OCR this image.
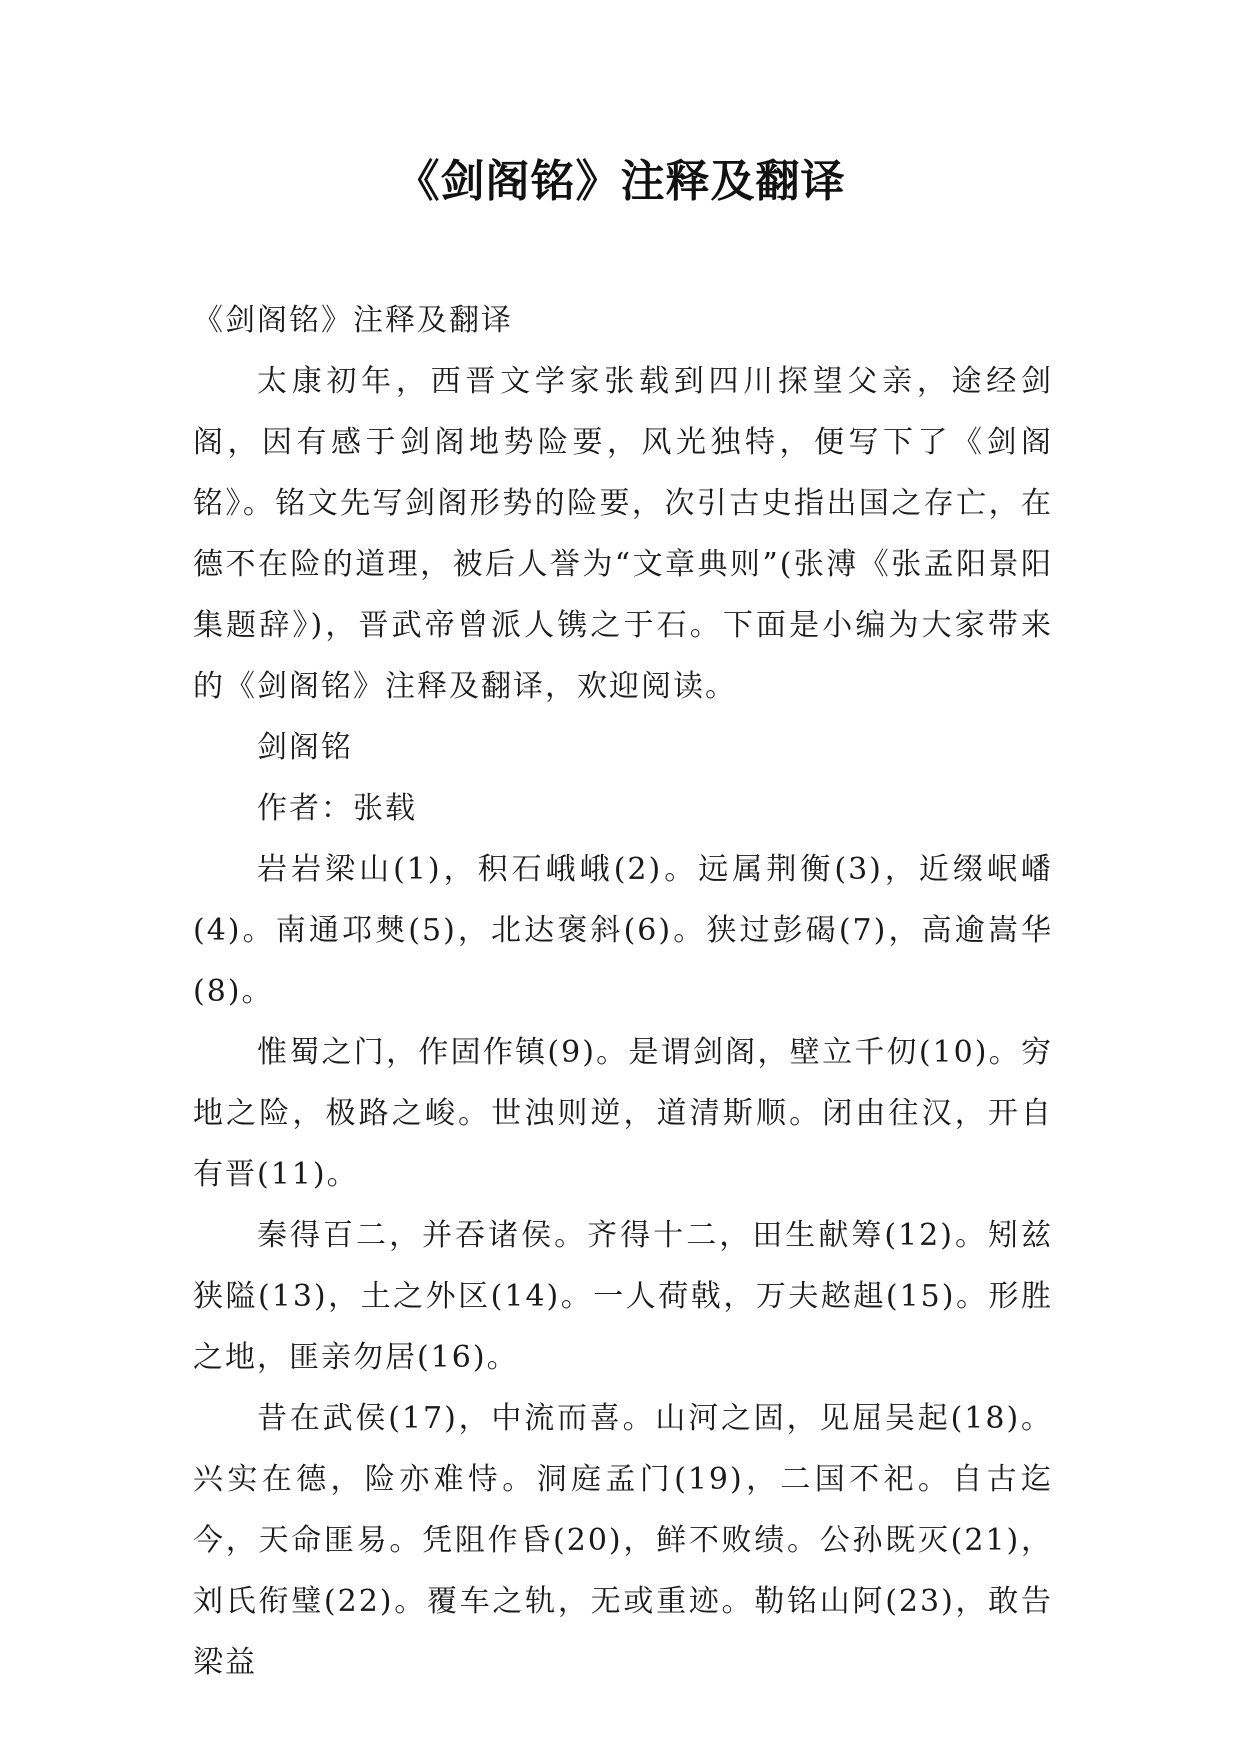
《剑阁铭》注释及翻译

《剑阁铭》注释及翻译

太康初年，西晋文学家张载到四川探望父亲，途经剑阁，因有感于剑阁地势险要，风光独特，便写下了《剑阁铭》。铭文先写剑阁形势的险要，次引古史指出国之存亡，在德不在险的道理，被后人誉为“文章典则”(张溥《张孟阳景阳集题辞》)，晋武帝曾派人镌之于石。下面是小编为大家带来的《剑阁铭》注释及翻译，欢迎阅读。

剑阁铭

作者：张载

岩岩梁山(1)，积石峨峨(2)。远属荆衡(3)，近缀岷嶓(4)。南通邛僰(5)，北达褒斜(6)。狭过彭碣(7)，高逾嵩华(8)。

惟蜀之门，作固作镇(9)。是谓剑阁，壁立千仞(10)。穷地之险，极路之峻。世浊则逆，道清斯顺。闭由往汉，开自有晋(11)。

秦得百二，并吞诸侯。齐得十二，田生献筹(12)。矧兹狭隘(13)，土之外区(14)。一人荷戟，万夫趑趄(15)。形胜之地，匪亲勿居(16)。

昔在武侯(17)，中流而喜。山河之固，见屈吴起(18)。兴实在德，险亦难恃。洞庭孟门(19)，二国不祀。自古迄今，天命匪易。凭阻作昏(20)，鲜不败绩。公孙既灭(21)，刘氏衔璧(22)。覆车之轨，无或重迹。勒铭山阿(23)，敢告梁益
